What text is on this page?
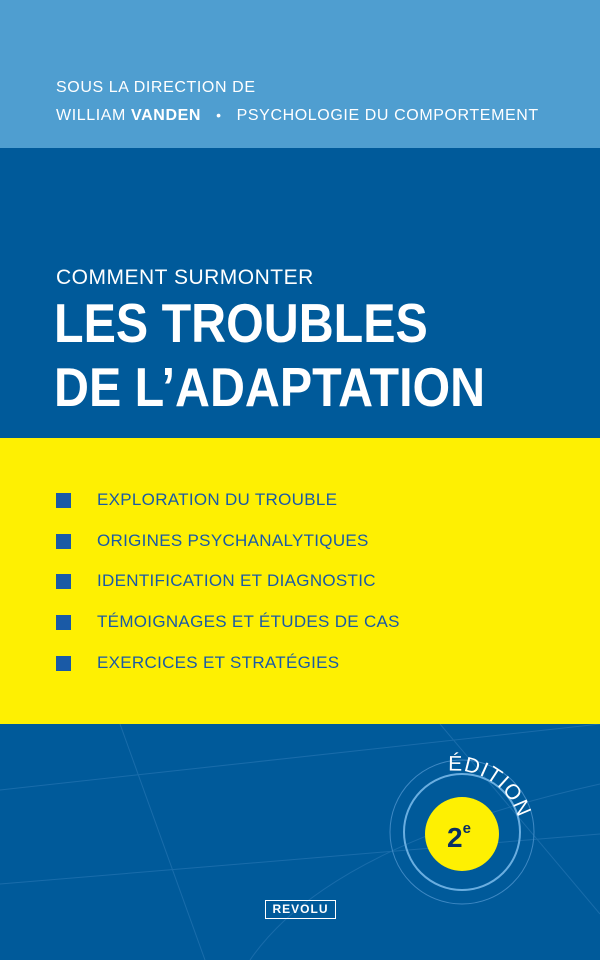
SOUS LA DIRECTION DE
WILLIAM VANDEN • PSYCHOLOGIE DU COMPORTEMENT
COMMENT SURMONTER
LES TROUBLES
DE L’ADAPTATION
EXPLORATION DU TROUBLE
ORIGINES PSYCHANALYTIQUES
IDENTIFICATION ET DIAGNOSTIC
TÉMOIGNAGES ET ÉTUDES DE CAS
EXERCICES ET STRATÉGIES
ÉDITION
2e
REVOLU
